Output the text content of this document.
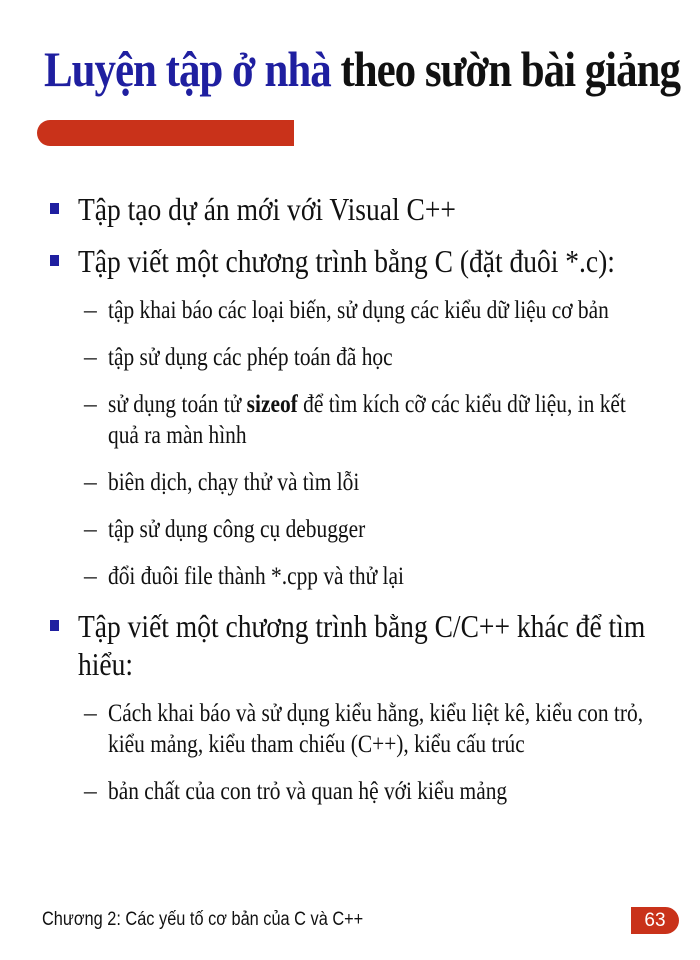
Luyện tập ở nhà theo sườn bài giảng
Tập tạo dự án mới với Visual C++
Tập viết một chương trình bằng C (đặt đuôi *.c):
– tập khai báo các loại biến, sử dụng các kiểu dữ liệu cơ bản
– tập sử dụng các phép toán đã học
– sử dụng toán tử sizeof để tìm kích cỡ các kiểu dữ liệu, in kết quả ra màn hình
– biên dịch, chạy thử và tìm lỗi
– tập sử dụng công cụ debugger
– đổi đuôi file thành *.cpp và thử lại
Tập viết một chương trình bằng C/C++ khác để tìm hiểu:
– Cách khai báo và sử dụng kiểu hằng, kiểu liệt kê, kiểu con trỏ, kiểu mảng, kiểu tham chiếu (C++), kiểu cấu trúc
– bản chất của con trỏ và quan hệ với kiểu mảng
Chương 2: Các yếu tố cơ bản của C và C++	63
